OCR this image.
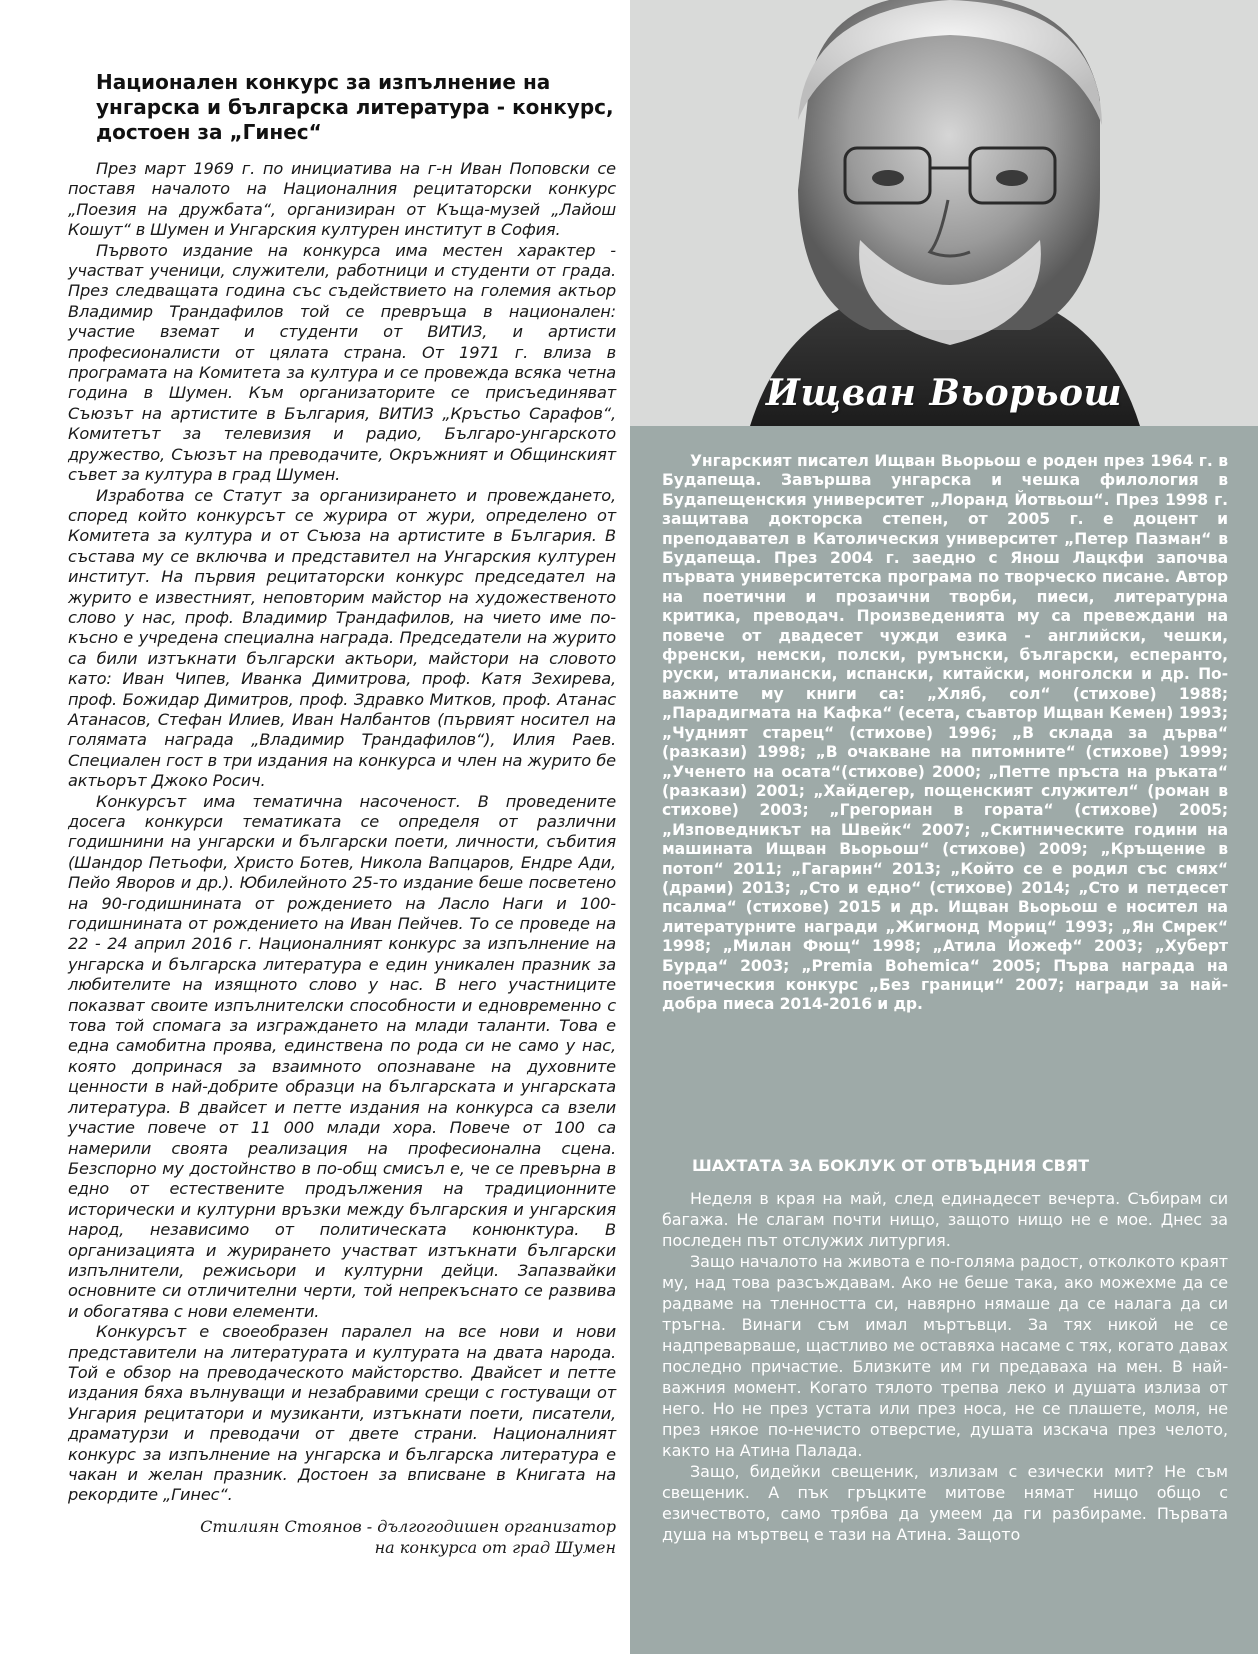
Национален конкурс за изпълнение на унгарска и българска литература - конкурс, достоен за „Гинес“

През март 1969 г. по инициатива на г-н Иван Поповски се поставя началото на Националния рецитаторски конкурс „Поезия на дружбата“, организиран от Къща-музей „Лайош Кошут“ в Шумен и Унгарския културен институт в София.

Първото издание на конкурса има местен характер - участват ученици, служители, работници и студенти от града. През следващата година със съдействието на големия актьор Владимир Трандафилов той се превръща в национален: участие вземат и студенти от ВИТИЗ, и артисти професионалисти от цялата страна. От 1971 г. влиза в програмата на Комитета за култура и се провежда всяка четна година в Шумен. Към организаторите се присъединяват Съюзът на артистите в България, ВИТИЗ „Кръстьо Сарафов“, Комитетът за телевизия и радио, Българо-унгарското дружество, Съюзът на преводачите, Окръжният и Общинският съвет за култура в град Шумен.

Изработва се Статут за организирането и провеждането, според който конкурсът се журира от жури, определено от Комитета за култура и от Съюза на артистите в България. В състава му се включва и представител на Унгарския културен институт. На първия рецитаторски конкурс председател на журито е известният, неповторим майстор на художественото слово у нас, проф. Владимир Трандафилов, на чието име по-късно е учредена специална награда. Председатели на журито са били изтъкнати български актьори, майстори на словото като: Иван Чипев, Иванка Димитрова, проф. Катя Зехирева, проф. Божидар Димитров, проф. Здравко Митков, проф. Атанас Атанасов, Стефан Илиев, Иван Налбантов (първият носител на голямата награда „Владимир Трандафилов“), Илия Раев. Специален гост в три издания на конкурса и член на журито бе актьорът Джоко Росич.

Конкурсът има тематична насоченост. В проведените досега конкурси тематиката се определя от различни годишнини на унгарски и български поети, личности, събития (Шандор Петьофи, Христо Ботев, Никола Вапцаров, Ендре Ади, Пейо Яворов и др.). Юбилейното 25-то издание беше посветено на 90-годишнината от рождението на Ласло Наги и 100-годишнината от рождението на Иван Пейчев. То се проведе на 22 - 24 април 2016 г. Националният конкурс за изпълнение на унгарска и българска литература е един уникален празник за любителите на изящното слово у нас. В него участниците показват своите изпълнителски способности и едновременно с това той спомага за изграждането на млади таланти. Това е една самобитна проява, единствена по рода си не само у нас, която допринася за взаимното опознаване на духовните ценности в най-добрите образци на българската и унгарската литература. В двайсет и петте издания на конкурса са взели участие повече от 11 000 млади хора. Повече от 100 са намерили своята реализация на професионална сцена. Безспорно му достойнство в по-общ смисъл е, че се превърна в едно от естествените продължения на традиционните исторически и културни връзки между българския и унгарския народ, независимо от политическата конюнктура. В организацията и журирането участват изтъкнати български изпълнители, режисьори и културни дейци. Запазвайки основните си отличителни черти, той непрекъснато се развива и обогатява с нови елементи.

Конкурсът е своеобразен паралел на все нови и нови представители на литературата и културата на двата народа. Той е обзор на преводаческото майсторство. Двайсет и петте издания бяха вълнуващи и незабравими срещи с гостуващи от Унгария рецитатори и музиканти, изтъкнати поети, писатели, драматурзи и преводачи от двете страни. Националният конкурс за изпълнение на унгарска и българска литература е чакан и желан празник. Достоен за вписване в Книгата на рекордите „Гинес“.

Стилиян Стоянов - дългогодишен организатор
на конкурса от град Шумен
Ищван Вьорьош

Унгарският писател Ищван Вьорьош е роден през 1964 г. в Будапеща. Завършва унгарска и чешка филология в Будапещенския университет „Лоранд Йотвьош“. През 1998 г. защитава докторска степен, от 2005 г. е доцент и преподавател в Католическия университет „Петер Пазман“ в Будапеща. През 2004 г. заедно с Янош Лацкфи започва първата университетска програма по творческо писане. Автор на поетични и прозаични творби, пиеси, литературна критика, преводач. Произведенията му са превеждани на повече от двадесет чужди езика - английски, чешки, френски, немски, полски, румънски, български, есперанто, руски, италиански, испански, китайски, монголски и др. По-важните му книги са: „Хляб, сол“ (стихове) 1988; „Парадигмата на Кафка“ (есета, съавтор Ищван Кемен) 1993; „Чудният старец“ (стихове) 1996; „В склада за дърва“ (разкази) 1998; „В очакване на питомните“ (стихове) 1999; „Ученето на осата“(стихове) 2000; „Петте пръста на ръката“ (разкази) 2001; „Хайдегер, пощенският служител“ (роман в стихове) 2003; „Грегориан в гората“ (стихове) 2005; „Изповедникът на Швейк“ 2007; „Скитническите години на машината Ищван Вьорьош“ (стихове) 2009; „Кръщение в потоп“ 2011; „Гагарин“ 2013; „Който се е родил със смях“ (драми) 2013; „Сто и едно“ (стихове) 2014; „Сто и петдесет псалма“ (стихове) 2015 и др. Ищван Вьорьош е носител на литературните награди „Жигмонд Мориц“ 1993; „Ян Смрек“ 1998; „Милан Фющ“ 1998; „Атила Йожеф“ 2003; „Хуберт Бурда“ 2003; „Premia Bohemica“ 2005; Първа награда на поетическия конкурс „Без граници“ 2007; награди за най-добра пиеса 2014-2016 и др.

ШАХТАТА ЗА БОКЛУК ОТ ОТВЪДНИЯ СВЯТ

Неделя в края на май, след единадесет вечерта. Събирам си багажа. Не слагам почти нищо, защото нищо не е мое. Днес за последен път отслужих литургия.

Защо началото на живота е по-голяма радост, отколкото краят му, над това разсъждавам. Ако не беше така, ако можехме да се радваме на тленността си, навярно нямаше да се налага да си тръгна. Винаги съм имал мъртъвци. За тях никой не се надпреварваше, щастливо ме оставяха насаме с тях, когато давах последно причастие. Близките им ги предаваха на мен. В най-важния момент. Когато тялото трепва леко и душата излиза от него. Но не през устата или през носа, не се плашете, моля, не през някое по-нечисто отверстие, душата изскача през челото, както на Атина Палада.

Защо, бидейки свещеник, излизам с езически мит? Не съм свещеник. А пък гръцките митове нямат нищо общо с езичеството, само трябва да умеем да ги разбираме. Първата душа на мъртвец е тази на Атина. Защото
